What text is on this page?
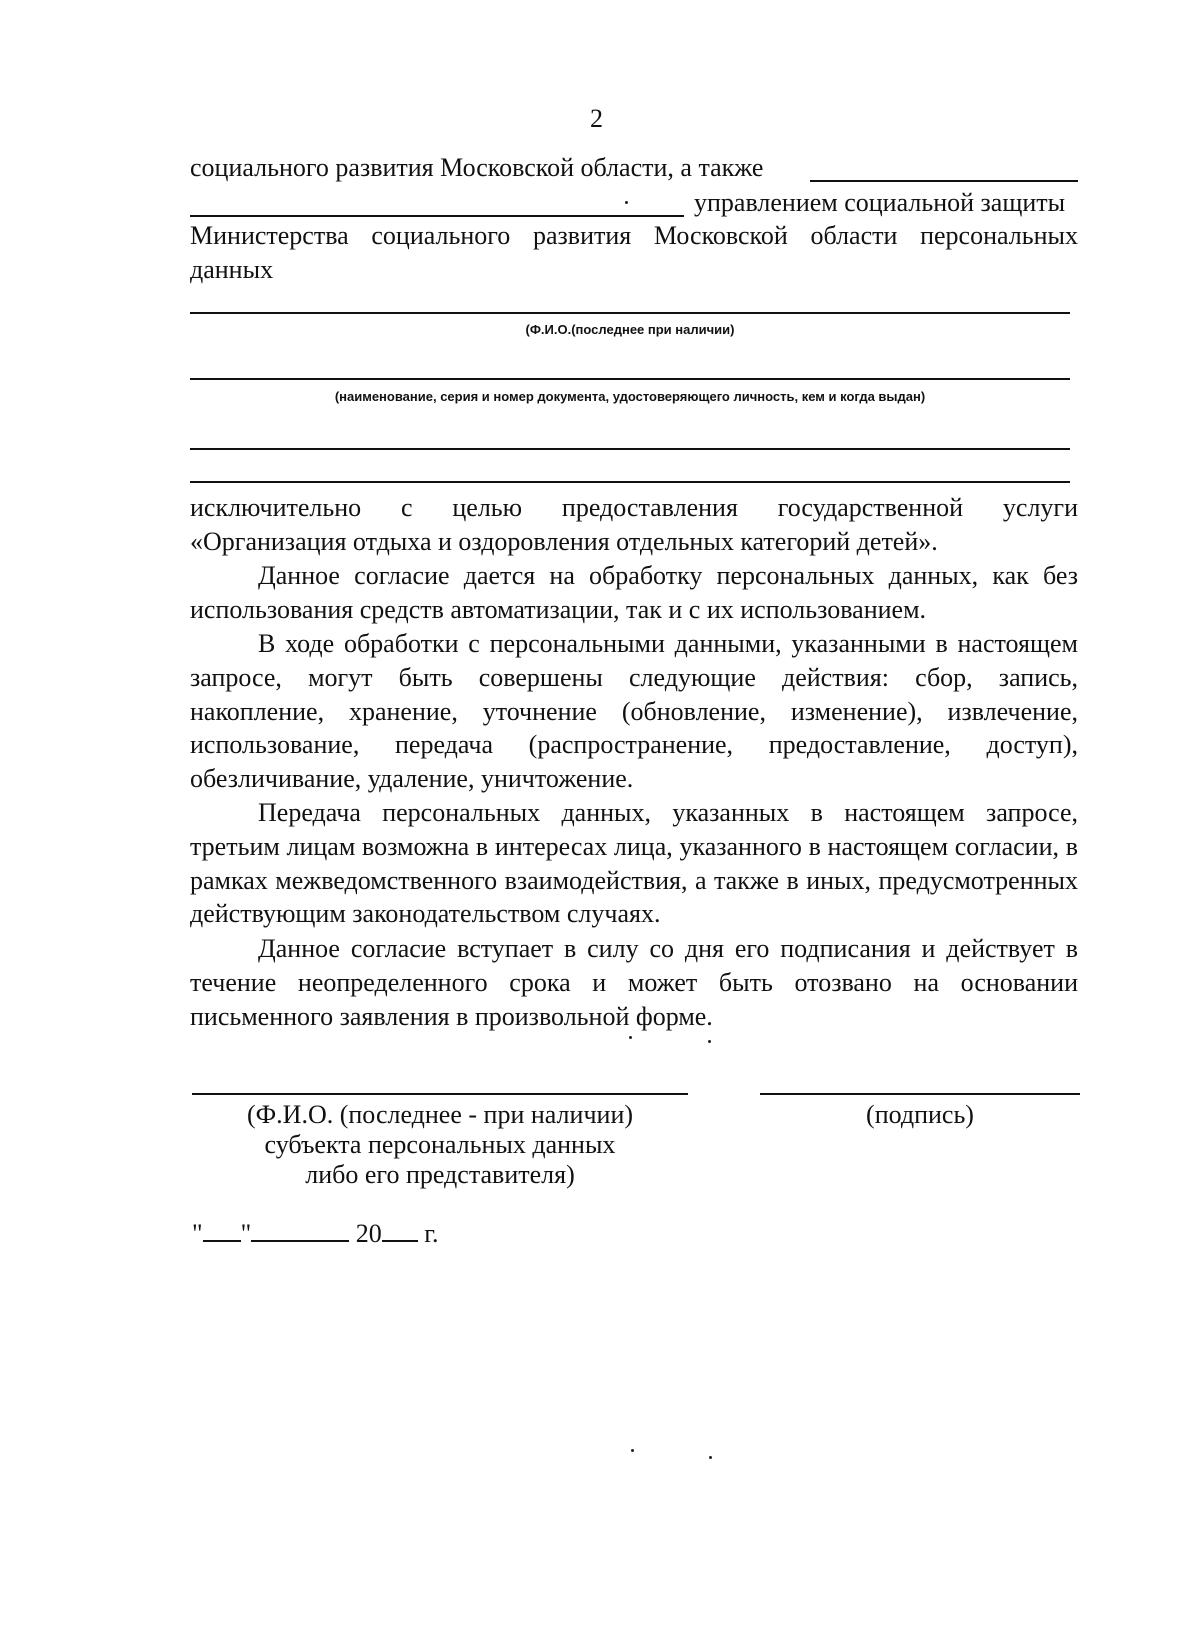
2
социального развития Московской области, а также
управлением социальной защиты
Министерства социального развития Московской области персональных
данных
(Ф.И.О.(последнее при наличии)
(наименование, серия и номер документа, удостоверяющего личность, кем и когда выдан)
исключительно с целью предоставления государственной услуги
«Организация отдыха и оздоровления отдельных категорий детей».
Данное согласие дается на обработку персональных данных, как без использования средств автоматизации, так и с их использованием.
В ходе обработки с персональными данными, указанными в настоящем запросе, могут быть совершены следующие действия: сбор, запись, накопление, хранение, уточнение (обновление, изменение), извлечение, использование, передача (распространение, предоставление, доступ), обезличивание, удаление, уничтожение.
Передача персональных данных, указанных в настоящем запросе, третьим лицам возможна в интересах лица, указанного в настоящем согласии, в рамках межведомственного взаимодействия, а также в иных, предусмотренных действующим законодательством случаях.
Данное согласие вступает в силу со дня его подписания и действует в течение неопределенного срока и может быть отозвано на основании письменного заявления в произвольной форме.
(Ф.И.О. (последнее - при наличии)
субъекта персональных данных
либо его представителя)
(подпись)
" "	20 г.
